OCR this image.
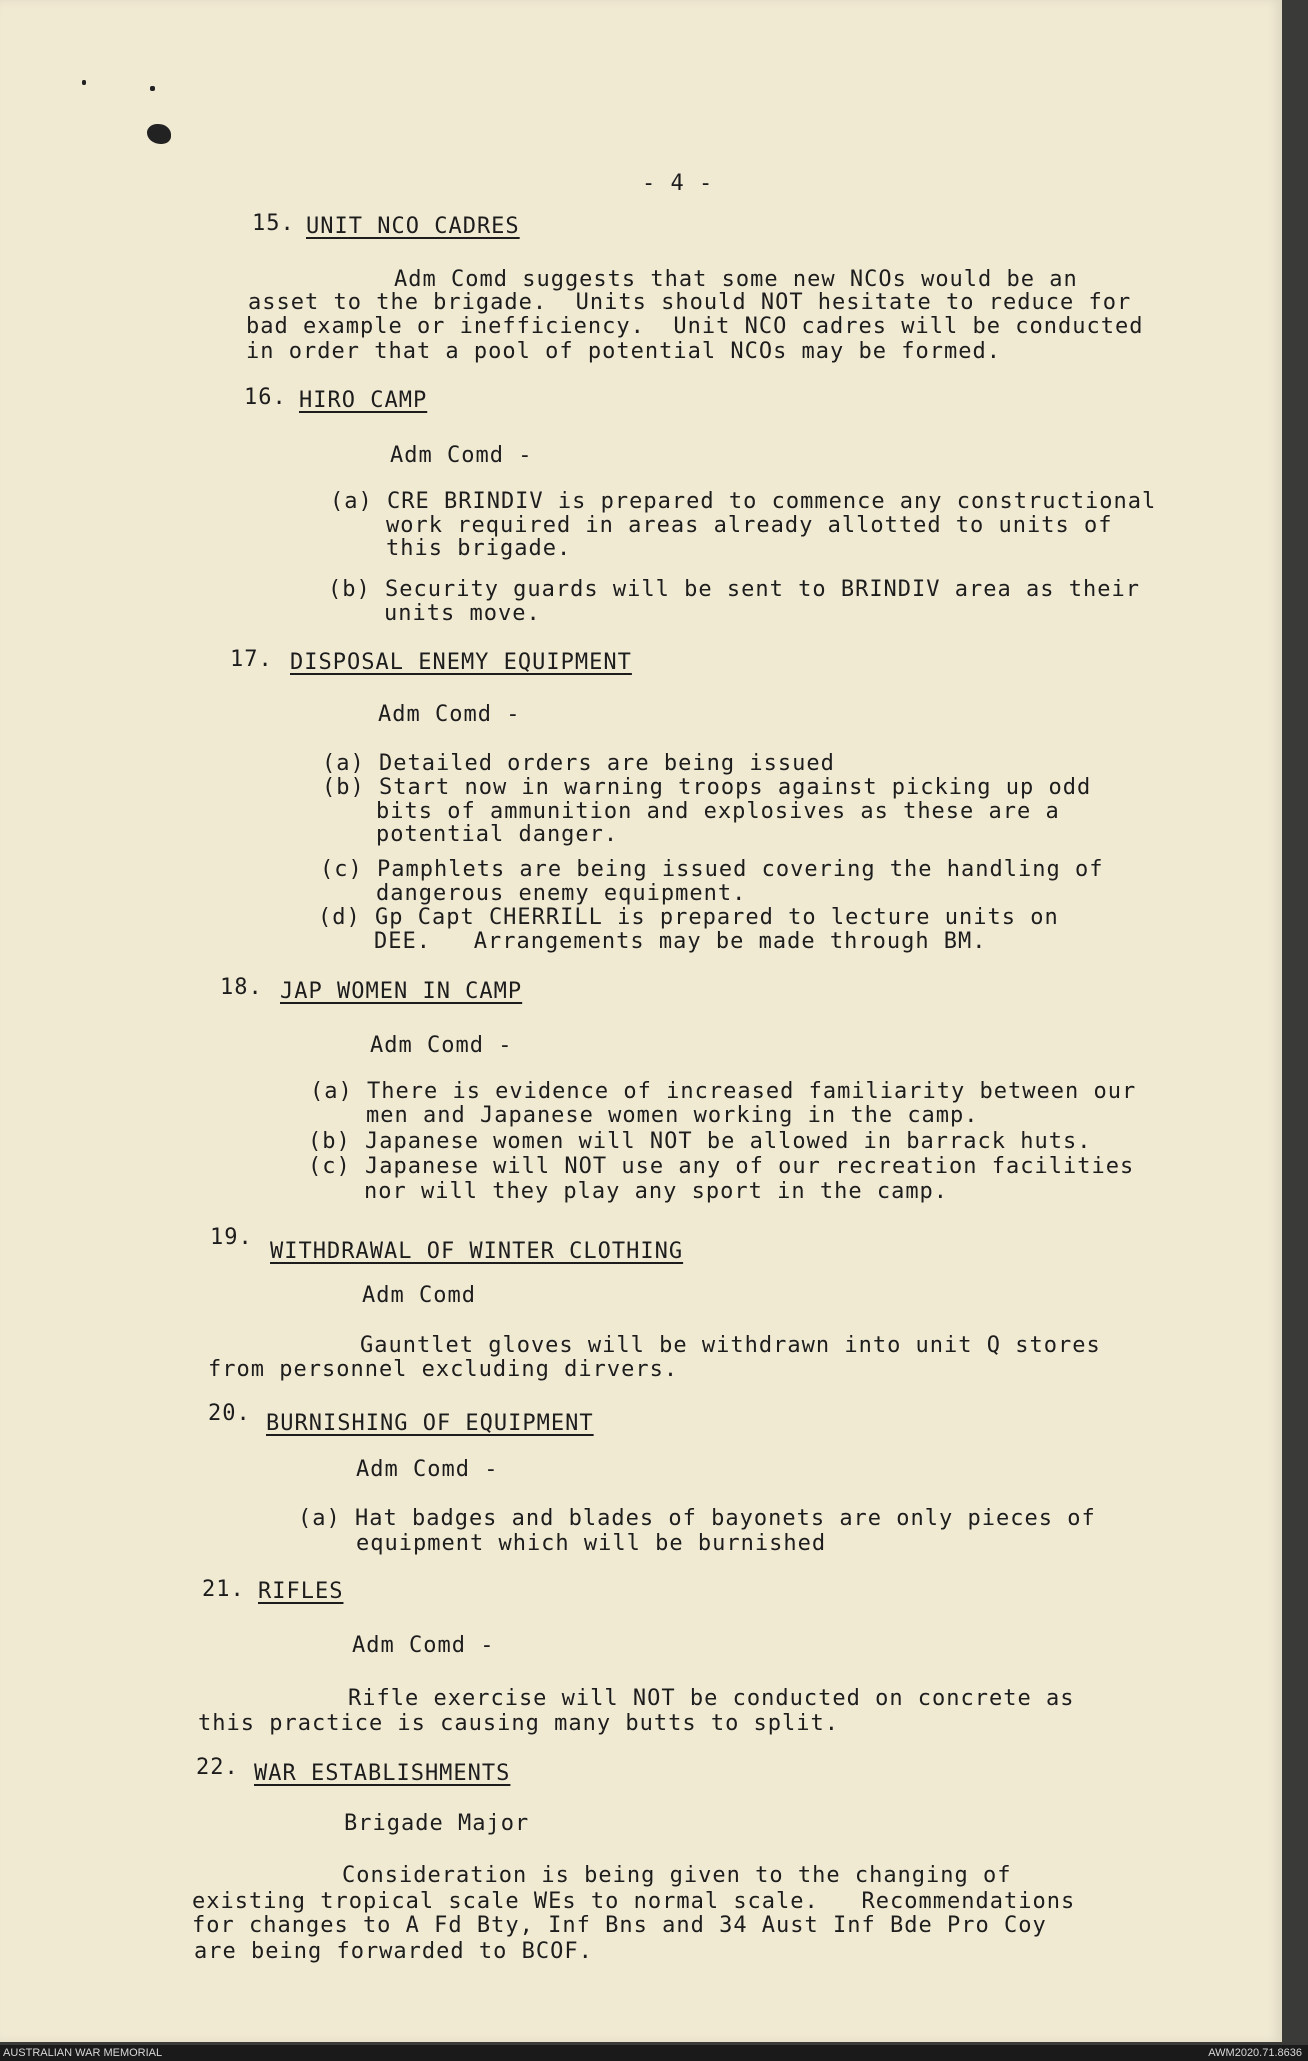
- 4 -
15. UNIT NCO CADRES
Adm Comd suggests that some new NCOs would be an
asset to the brigade.  Units should NOT hesitate to reduce for
bad example or inefficiency.  Unit NCO cadres will be conducted
in order that a pool of potential NCOs may be formed.
16. HIRO CAMP
Adm Comd -
(a) CRE BRINDIV is prepared to commence any constructional
work required in areas already allotted to units of
this brigade.
(b) Security guards will be sent to BRINDIV area as their
units move.
17. DISPOSAL ENEMY EQUIPMENT
Adm Comd -
(a) Detailed orders are being issued
(b) Start now in warning troops against picking up odd
bits of ammunition and explosives as these are a
potential danger.
(c) Pamphlets are being issued covering the handling of
dangerous enemy equipment.
(d) Gp Capt CHERRILL is prepared to lecture units on
DEE.   Arrangements may be made through BM.
18. JAP WOMEN IN CAMP
Adm Comd -
(a) There is evidence of increased familiarity between our
men and Japanese women working in the camp.
(b) Japanese women will NOT be allowed in barrack huts.
(c) Japanese will NOT use any of our recreation facilities
nor will they play any sport in the camp.
19.
WITHDRAWAL OF WINTER CLOTHING
Adm Comd
Gauntlet gloves will be withdrawn into unit Q stores
from personnel excluding dirvers.
20. BURNISHING OF EQUIPMENT
Adm Comd -
(a) Hat badges and blades of bayonets are only pieces of
equipment which will be burnished
21. RIFLES
Adm Comd -
Rifle exercise will NOT be conducted on concrete as
this practice is causing many butts to split.
22. WAR ESTABLISHMENTS
Brigade Major
Consideration is being given to the changing of
existing tropical scale WEs to normal scale.   Recommendations
for changes to A Fd Bty, Inf Bns and 34 Aust Inf Bde Pro Coy
are being forwarded to BCOF.
AUSTRALIAN WAR MEMORIAL	AWM2020.71.8636
